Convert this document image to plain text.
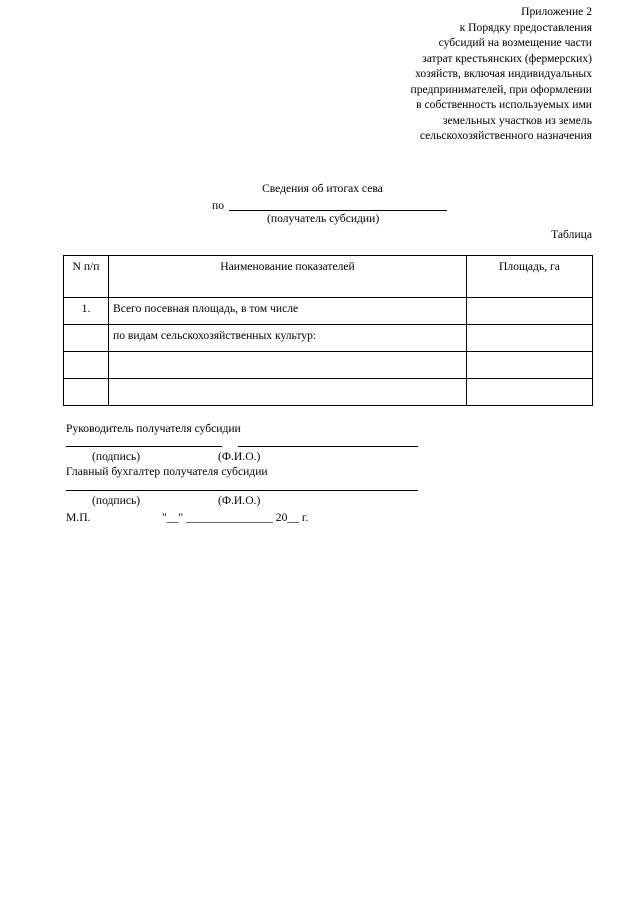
Приложение 2
к Порядку предоставления
субсидий на возмещение части
затрат крестьянских (фермерских)
хозяйств, включая индивидуальных
предпринимателей, при оформлении
в собственность используемых ими
земельных участков из земель
сельскохозяйственного назначения
Сведения об итогах сева
по
(получатель субсидии)
Таблица
N п/п	Наименование показателей	Площадь, га
1.	Всего посевная площадь, в том числе	
	по видам сельскохозяйственных культур:	

Руководитель получателя субсидии
(подпись)	(Ф.И.О.)
Главный бухгалтер получателя субсидии
(подпись)	(Ф.И.О.)
М.П.	"__" _______________ 20__ г.
